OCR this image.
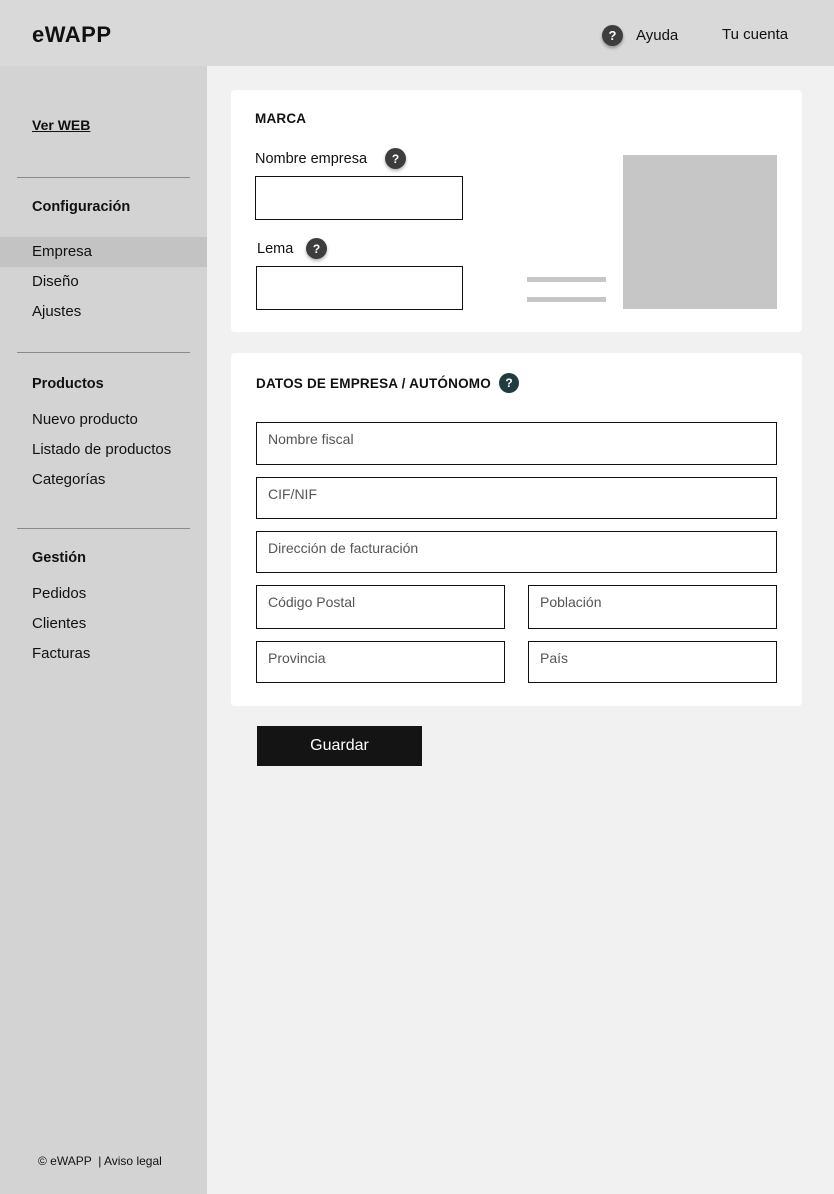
eWAPP	?	Ayuda	Tu cuenta
Ver WEB
Configuración
Empresa
Diseño
Ajustes
Productos
Nuevo producto
Listado de productos
Categorías
Gestión
Pedidos
Clientes
Facturas
© eWAPP  | Aviso legal
MARCA
Nombre empresa	?
Lema	?
DATOS DE EMPRESA / AUTÓNOMO	?
Nombre fiscal
CIF/NIF
Dirección de facturación
Código Postal	Población
Provincia	País
Guardar
